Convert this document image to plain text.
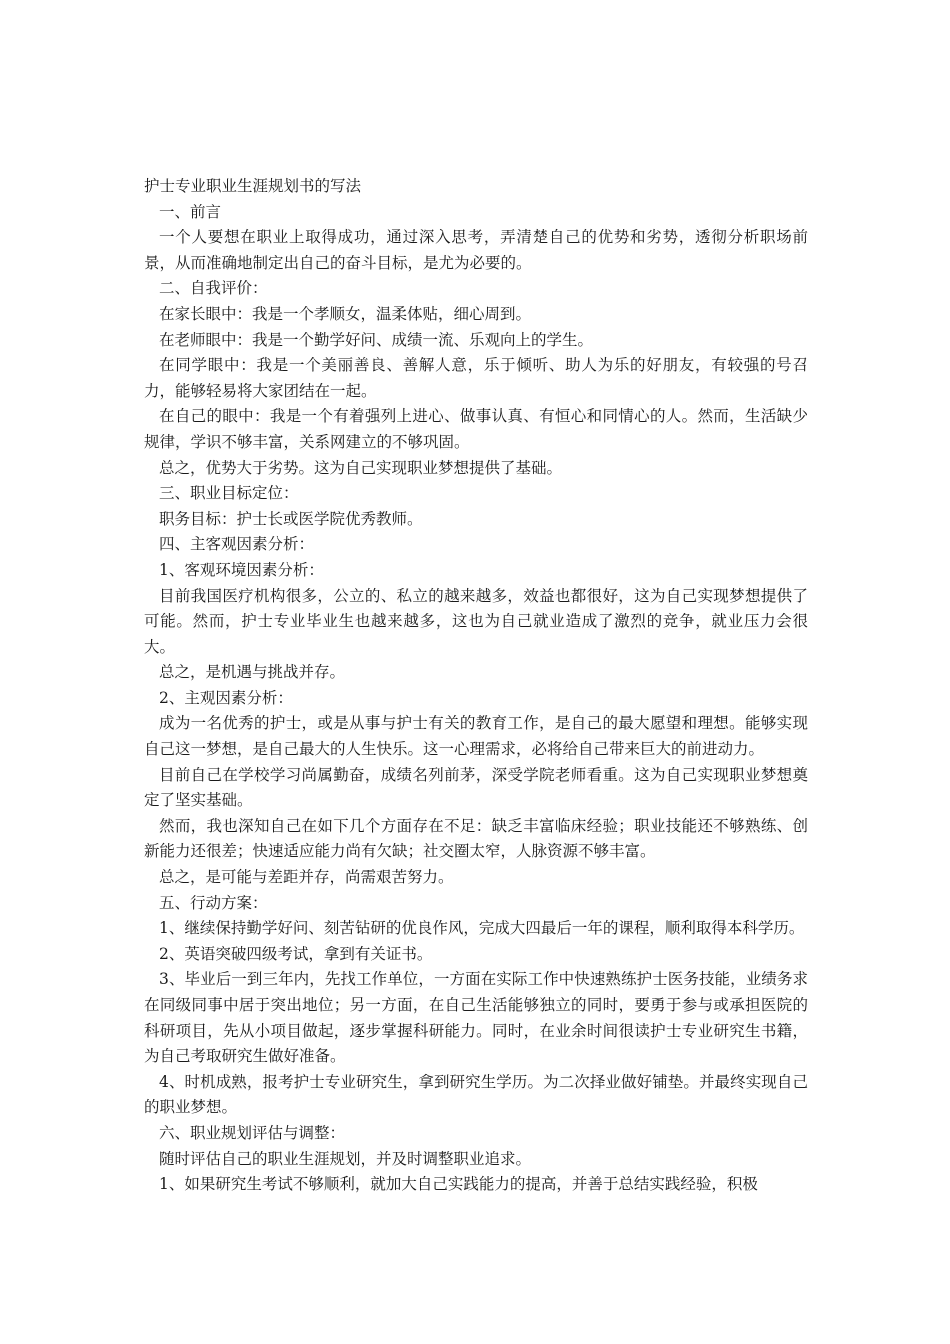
护士专业职业生涯规划书的写法

一、前言

一个人要想在职业上取得成功，通过深入思考，弄清楚自己的优势和劣势，透彻分析职场前景，从而准确地制定出自己的奋斗目标，是尤为必要的。

二、自我评价：

在家长眼中：我是一个孝顺女，温柔体贴，细心周到。

在老师眼中：我是一个勤学好问、成绩一流、乐观向上的学生。

在同学眼中：我是一个美丽善良、善解人意，乐于倾听、助人为乐的好朋友，有较强的号召力，能够轻易将大家团结在一起。

在自己的眼中：我是一个有着强列上进心、做事认真、有恒心和同情心的人。然而，生活缺少规律，学识不够丰富，关系网建立的不够巩固。

总之，优势大于劣势。这为自己实现职业梦想提供了基础。

三、职业目标定位：

职务目标：护士长或医学院优秀教师。

四、主客观因素分析：

1、客观环境因素分析：

目前我国医疗机构很多，公立的、私立的越来越多，效益也都很好，这为自己实现梦想提供了可能。然而，护士专业毕业生也越来越多，这也为自己就业造成了激烈的竞争，就业压力会很大。

总之，是机遇与挑战并存。

2、主观因素分析：

成为一名优秀的护士，或是从事与护士有关的教育工作，是自己的最大愿望和理想。能够实现自己这一梦想，是自己最大的人生快乐。这一心理需求，必将给自己带来巨大的前进动力。

目前自己在学校学习尚属勤奋，成绩名列前茅，深受学院老师看重。这为自己实现职业梦想奠定了坚实基础。

然而，我也深知自己在如下几个方面存在不足：缺乏丰富临床经验；职业技能还不够熟练、创新能力还很差；快速适应能力尚有欠缺；社交圈太窄，人脉资源不够丰富。

总之，是可能与差距并存，尚需艰苦努力。

五、行动方案：

1、继续保持勤学好问、刻苦钻研的优良作风，完成大四最后一年的课程，顺利取得本科学历。

2、英语突破四级考试，拿到有关证书。

3、毕业后一到三年内，先找工作单位，一方面在实际工作中快速熟练护士医务技能，业绩务求在同级同事中居于突出地位；另一方面，在自己生活能够独立的同时，要勇于参与或承担医院的科研项目，先从小项目做起，逐步掌握科研能力。同时，在业余时间很读护士专业研究生书籍，为自己考取研究生做好准备。

4、时机成熟，报考护士专业研究生，拿到研究生学历。为二次择业做好铺垫。并最终实现自己的职业梦想。

六、职业规划评估与调整：

随时评估自己的职业生涯规划，并及时调整职业追求。

1、如果研究生考试不够顺利，就加大自己实践能力的提高，并善于总结实践经验，积极
